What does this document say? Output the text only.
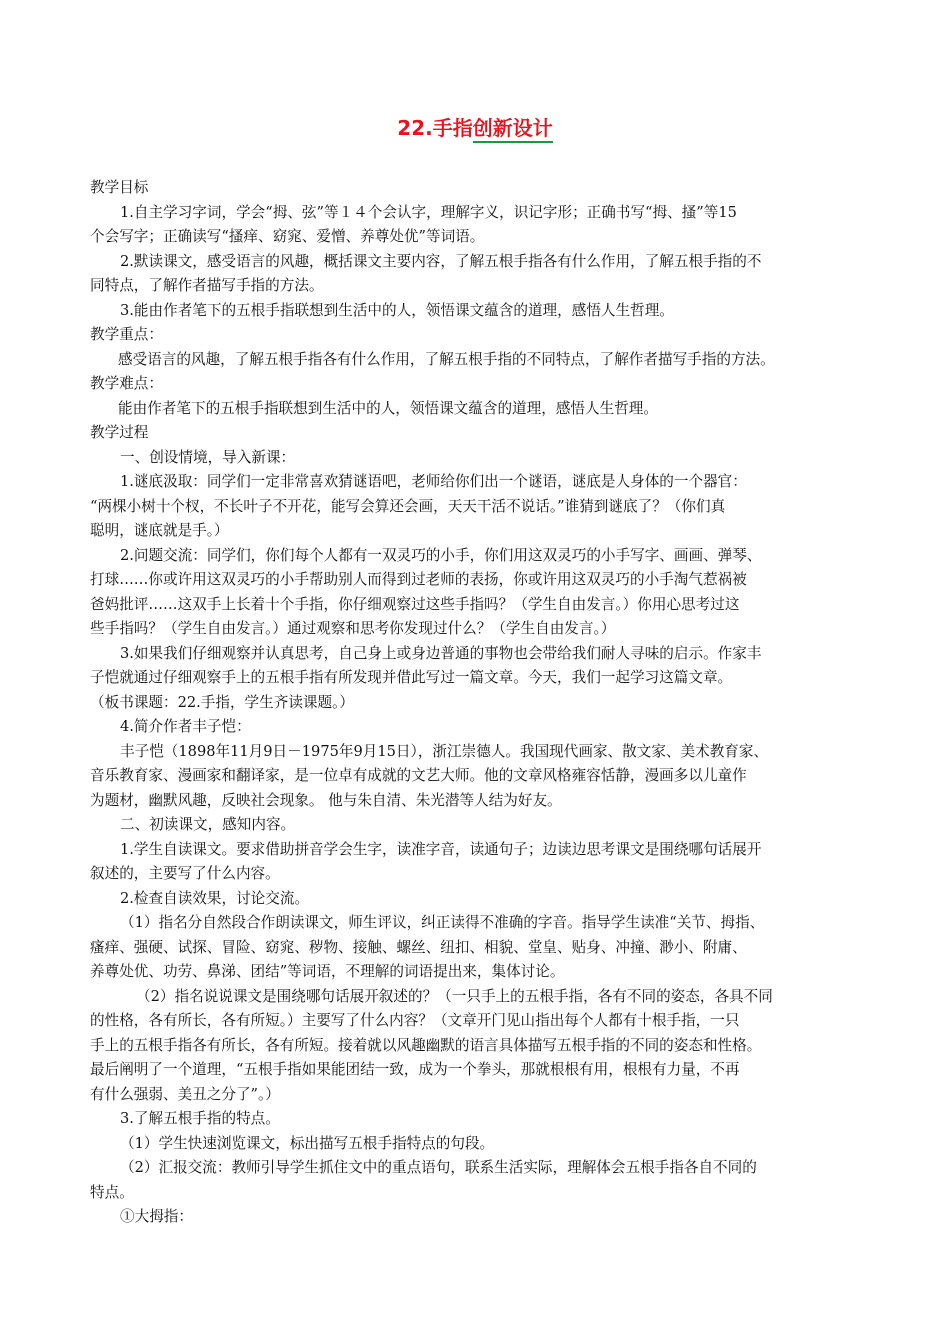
22.手指创新设计
教学目标
1.自主学习字词，学会“拇、弦”等１４个会认字，理解字义，识记字形；正确书写“拇、搔”等15
个会写字；正确读写“搔痒、窈窕、爱憎、养尊处优”等词语。
2.默读课文，感受语言的风趣，概括课文主要内容，了解五根手指各有什么作用，了解五根手指的不
同特点，了解作者描写手指的方法。
3.能由作者笔下的五根手指联想到生活中的人，领悟课文蕴含的道理，感悟人生哲理。
教学重点：
感受语言的风趣，了解五根手指各有什么作用，了解五根手指的不同特点，了解作者描写手指的方法。
教学难点：
能由作者笔下的五根手指联想到生活中的人，领悟课文蕴含的道理，感悟人生哲理。
教学过程
一、创设情境，导入新课：
1.谜底汲取：同学们一定非常喜欢猜谜语吧，老师给你们出一个谜语，谜底是人身体的一个器官：
“两棵小树十个杈，不长叶子不开花，能写会算还会画，天天干活不说话。”谁猜到谜底了？（你们真
聪明，谜底就是手。）
2.问题交流：同学们，你们每个人都有一双灵巧的小手，你们用这双灵巧的小手写字、画画、弹琴、
打球……你或许用这双灵巧的小手帮助别人而得到过老师的表扬，你或许用这双灵巧的小手淘气惹祸被
爸妈批评……这双手上长着十个手指，你仔细观察过这些手指吗？（学生自由发言。）你用心思考过这
些手指吗？（学生自由发言。）通过观察和思考你发现过什么？（学生自由发言。）
3.如果我们仔细观察并认真思考，自己身上或身边普通的事物也会带给我们耐人寻味的启示。作家丰
子恺就通过仔细观察手上的五根手指有所发现并借此写过一篇文章。今天，我们一起学习这篇文章。
（板书课题：22.手指，学生齐读课题。）
4.简介作者丰子恺：
丰子恺（1898年11月9日－1975年9月15日），浙江崇德人。我国现代画家、散文家、美术教育家、
音乐教育家、漫画家和翻译家，是一位卓有成就的文艺大师。他的文章风格雍容恬静，漫画多以儿童作
为题材，幽默风趣，反映社会现象。 他与朱自清、朱光潜等人结为好友。
二、初读课文，感知内容。
1.学生自读课文。要求借助拼音学会生字，读准字音，读通句子；边读边思考课文是围绕哪句话展开
叙述的，主要写了什么内容。
2.检查自读效果，讨论交流。
（1）指名分自然段合作朗读课文，师生评议，纠正读得不准确的字音。指导学生读准“关节、拇指、
瘙痒、强硬、试探、冒险、窈窕、秽物、接触、螺丝、纽扣、相貌、堂皇、贴身、冲撞、渺小、附庸、
养尊处优、功劳、鼻涕、团结”等词语，不理解的词语提出来，集体讨论。
（2）指名说说课文是围绕哪句话展开叙述的？（一只手上的五根手指，各有不同的姿态，各具不同
的性格，各有所长，各有所短。）主要写了什么内容？（文章开门见山指出每个人都有十根手指，一只
手上的五根手指各有所长，各有所短。接着就以风趣幽默的语言具体描写五根手指的不同的姿态和性格。
最后阐明了一个道理，“五根手指如果能团结一致，成为一个拳头，那就根根有用，根根有力量，不再
有什么强弱、美丑之分了”。）
3.了解五根手指的特点。
（1）学生快速浏览课文，标出描写五根手指特点的句段。
（2）汇报交流：教师引导学生抓住文中的重点语句，联系生活实际，理解体会五根手指各自不同的
特点。
①大拇指：
